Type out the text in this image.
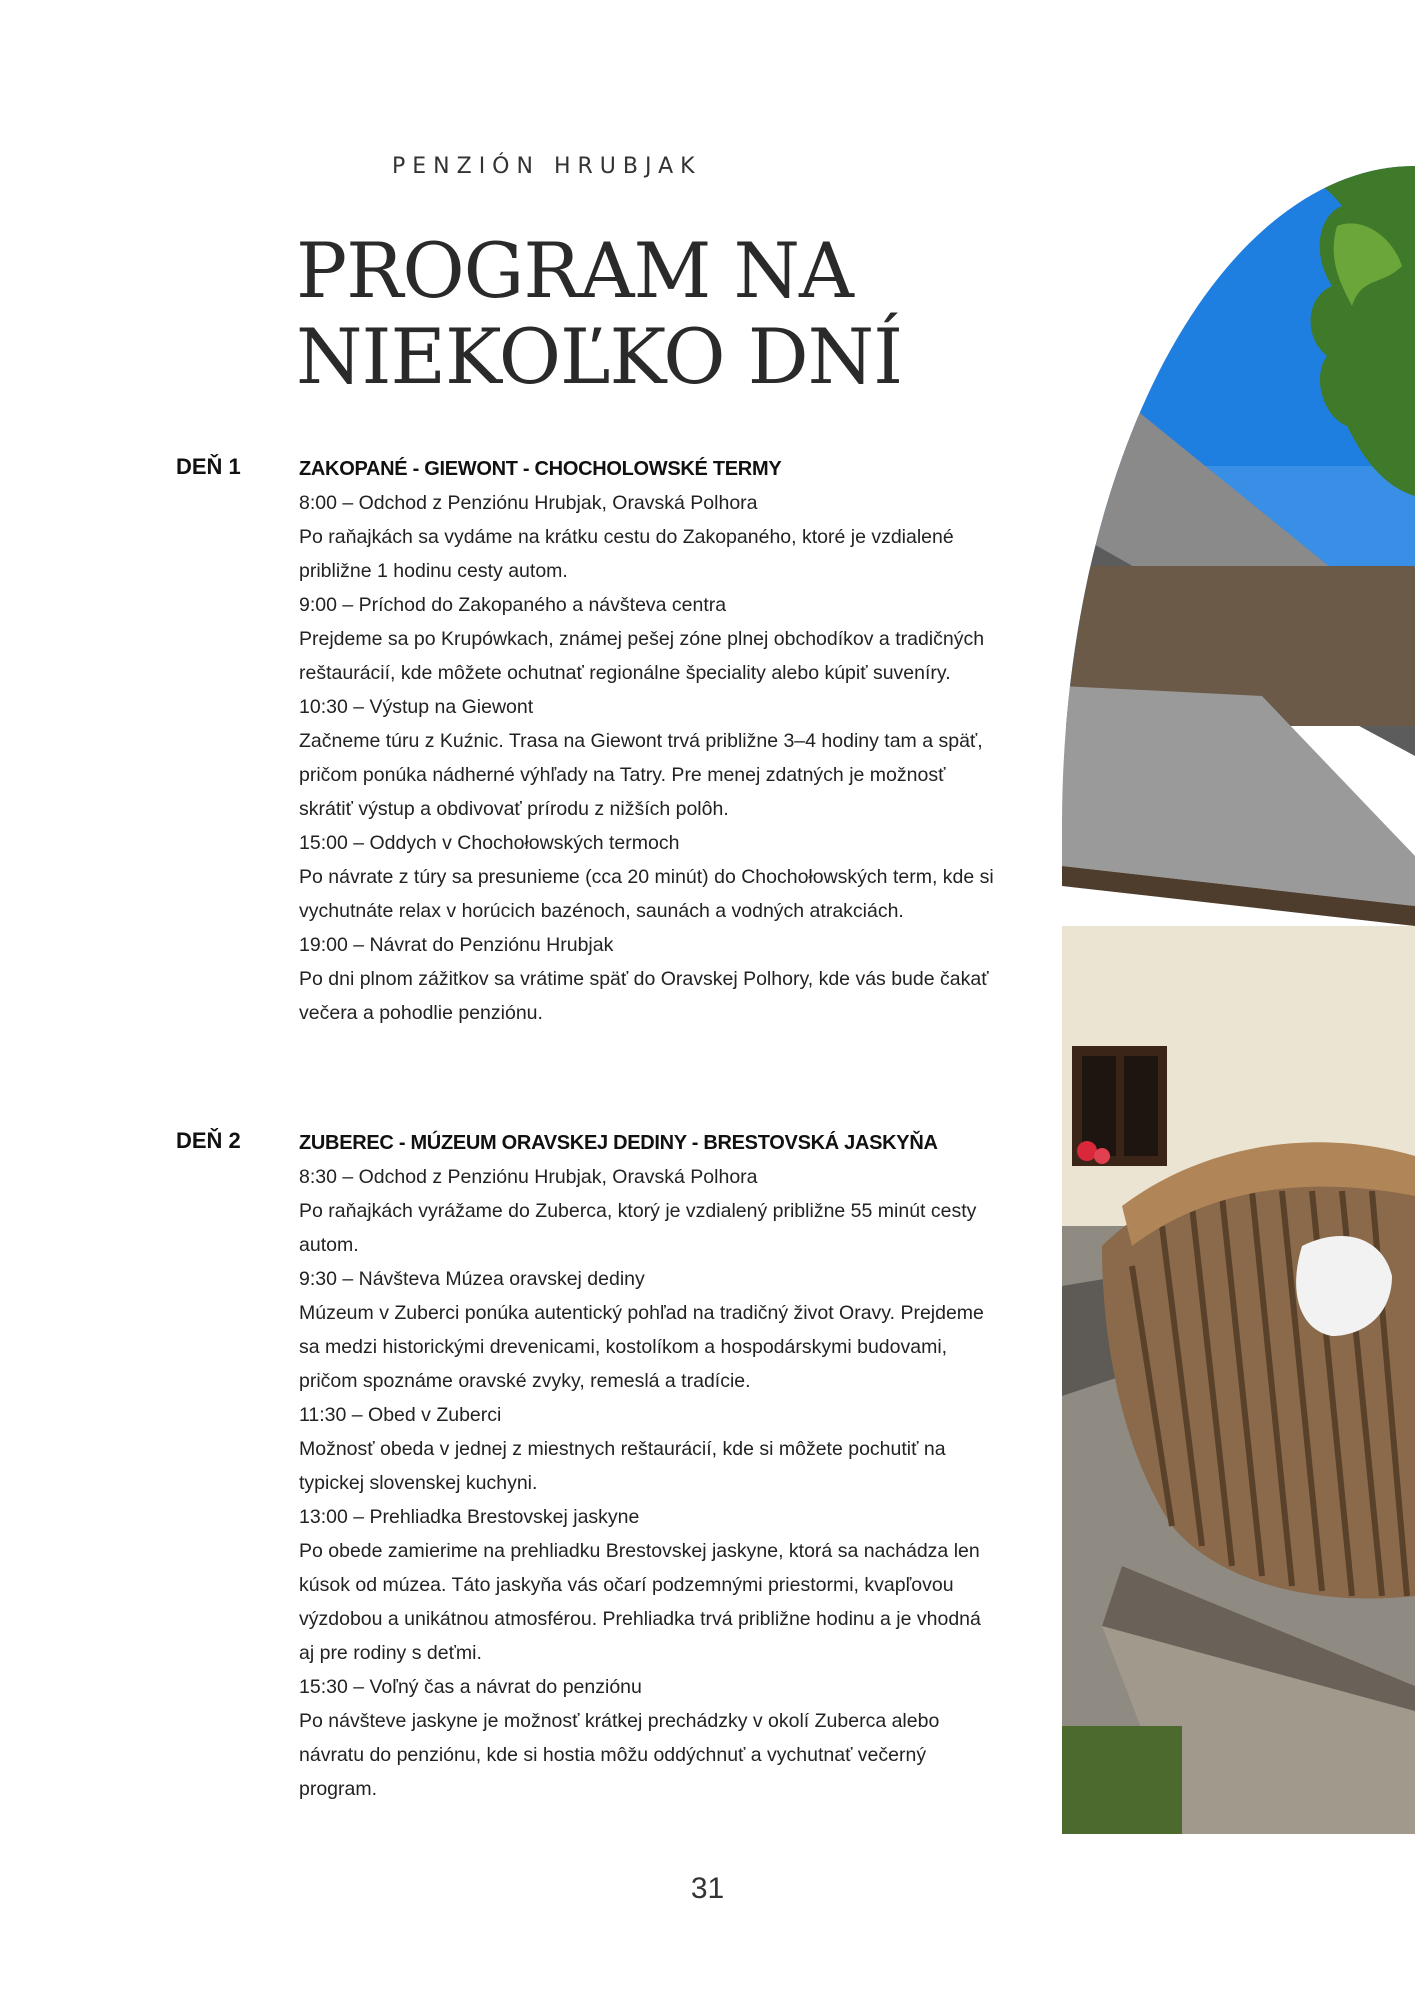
PENZIÓN HRUBJAK
PROGRAM NA
NIEKOĽKO DNÍ
DEŇ 1	ZAKOPANÉ - GIEWONT - CHOCHOLOWSKÉ TERMY
8:00 – Odchod z Penziónu Hrubjak, Oravská Polhora
Po raňajkách sa vydáme na krátku cestu do Zakopaného, ktoré je vzdialené približne 1 hodinu cesty autom.
9:00 – Príchod do Zakopaného a návšteva centra
Prejdeme sa po Krupówkach, známej pešej zóne plnej obchodíkov a tradičných reštaurácií, kde môžete ochutnať regionálne špeciality alebo kúpiť suveníry.
10:30 – Výstup na Giewont
Začneme túru z Kuźnic. Trasa na Giewont trvá približne 3–4 hodiny tam a späť, pričom ponúka nádherné výhľady na Tatry. Pre menej zdatných je možnosť skrátiť výstup a obdivovať prírodu z nižších polôh.
15:00 – Oddych v Chochołowských termoch
Po návrate z túry sa presunieme (cca 20 minút) do Chochołowských term, kde si vychutnáte relax v horúcich bazénoch, saunách a vodných atrakciách.
19:00 – Návrat do Penziónu Hrubjak
Po dni plnom zážitkov sa vrátime späť do Oravskej Polhory, kde vás bude čakať večera a pohodlie penziónu.
DEŇ 2	ZUBEREC - MÚZEUM ORAVSKEJ DEDINY - BRESTOVSKÁ JASKYŇA
8:30 – Odchod z Penziónu Hrubjak, Oravská Polhora
Po raňajkách vyrážame do Zuberca, ktorý je vzdialený približne 55 minút cesty autom.
9:30 – Návšteva Múzea oravskej dediny
Múzeum v Zuberci ponúka autentický pohľad na tradičný život Oravy. Prejdeme sa medzi historickými drevenicami, kostolíkom a hospodárskymi budovami, pričom spoznáme oravské zvyky, remeslá a tradície.
11:30 – Obed v Zuberci
Možnosť obeda v jednej z miestnych reštaurácií, kde si môžete pochutiť na typickej slovenskej kuchyni.
13:00 – Prehliadka Brestovskej jaskyne
Po obede zamierime na prehliadku Brestovskej jaskyne, ktorá sa nachádza len kúsok od múzea. Táto jaskyňa vás očarí podzemnými priestormi, kvapľovou výzdobou a unikátnou atmosférou. Prehliadka trvá približne hodinu a je vhodná aj pre rodiny s deťmi.
15:30 – Voľný čas a návrat do penziónu
Po návšteve jaskyne je možnosť krátkej prechádzky v okolí Zuberca alebo návratu do penziónu, kde si hostia môžu oddýchnuť a vychutnať večerný program.
31
